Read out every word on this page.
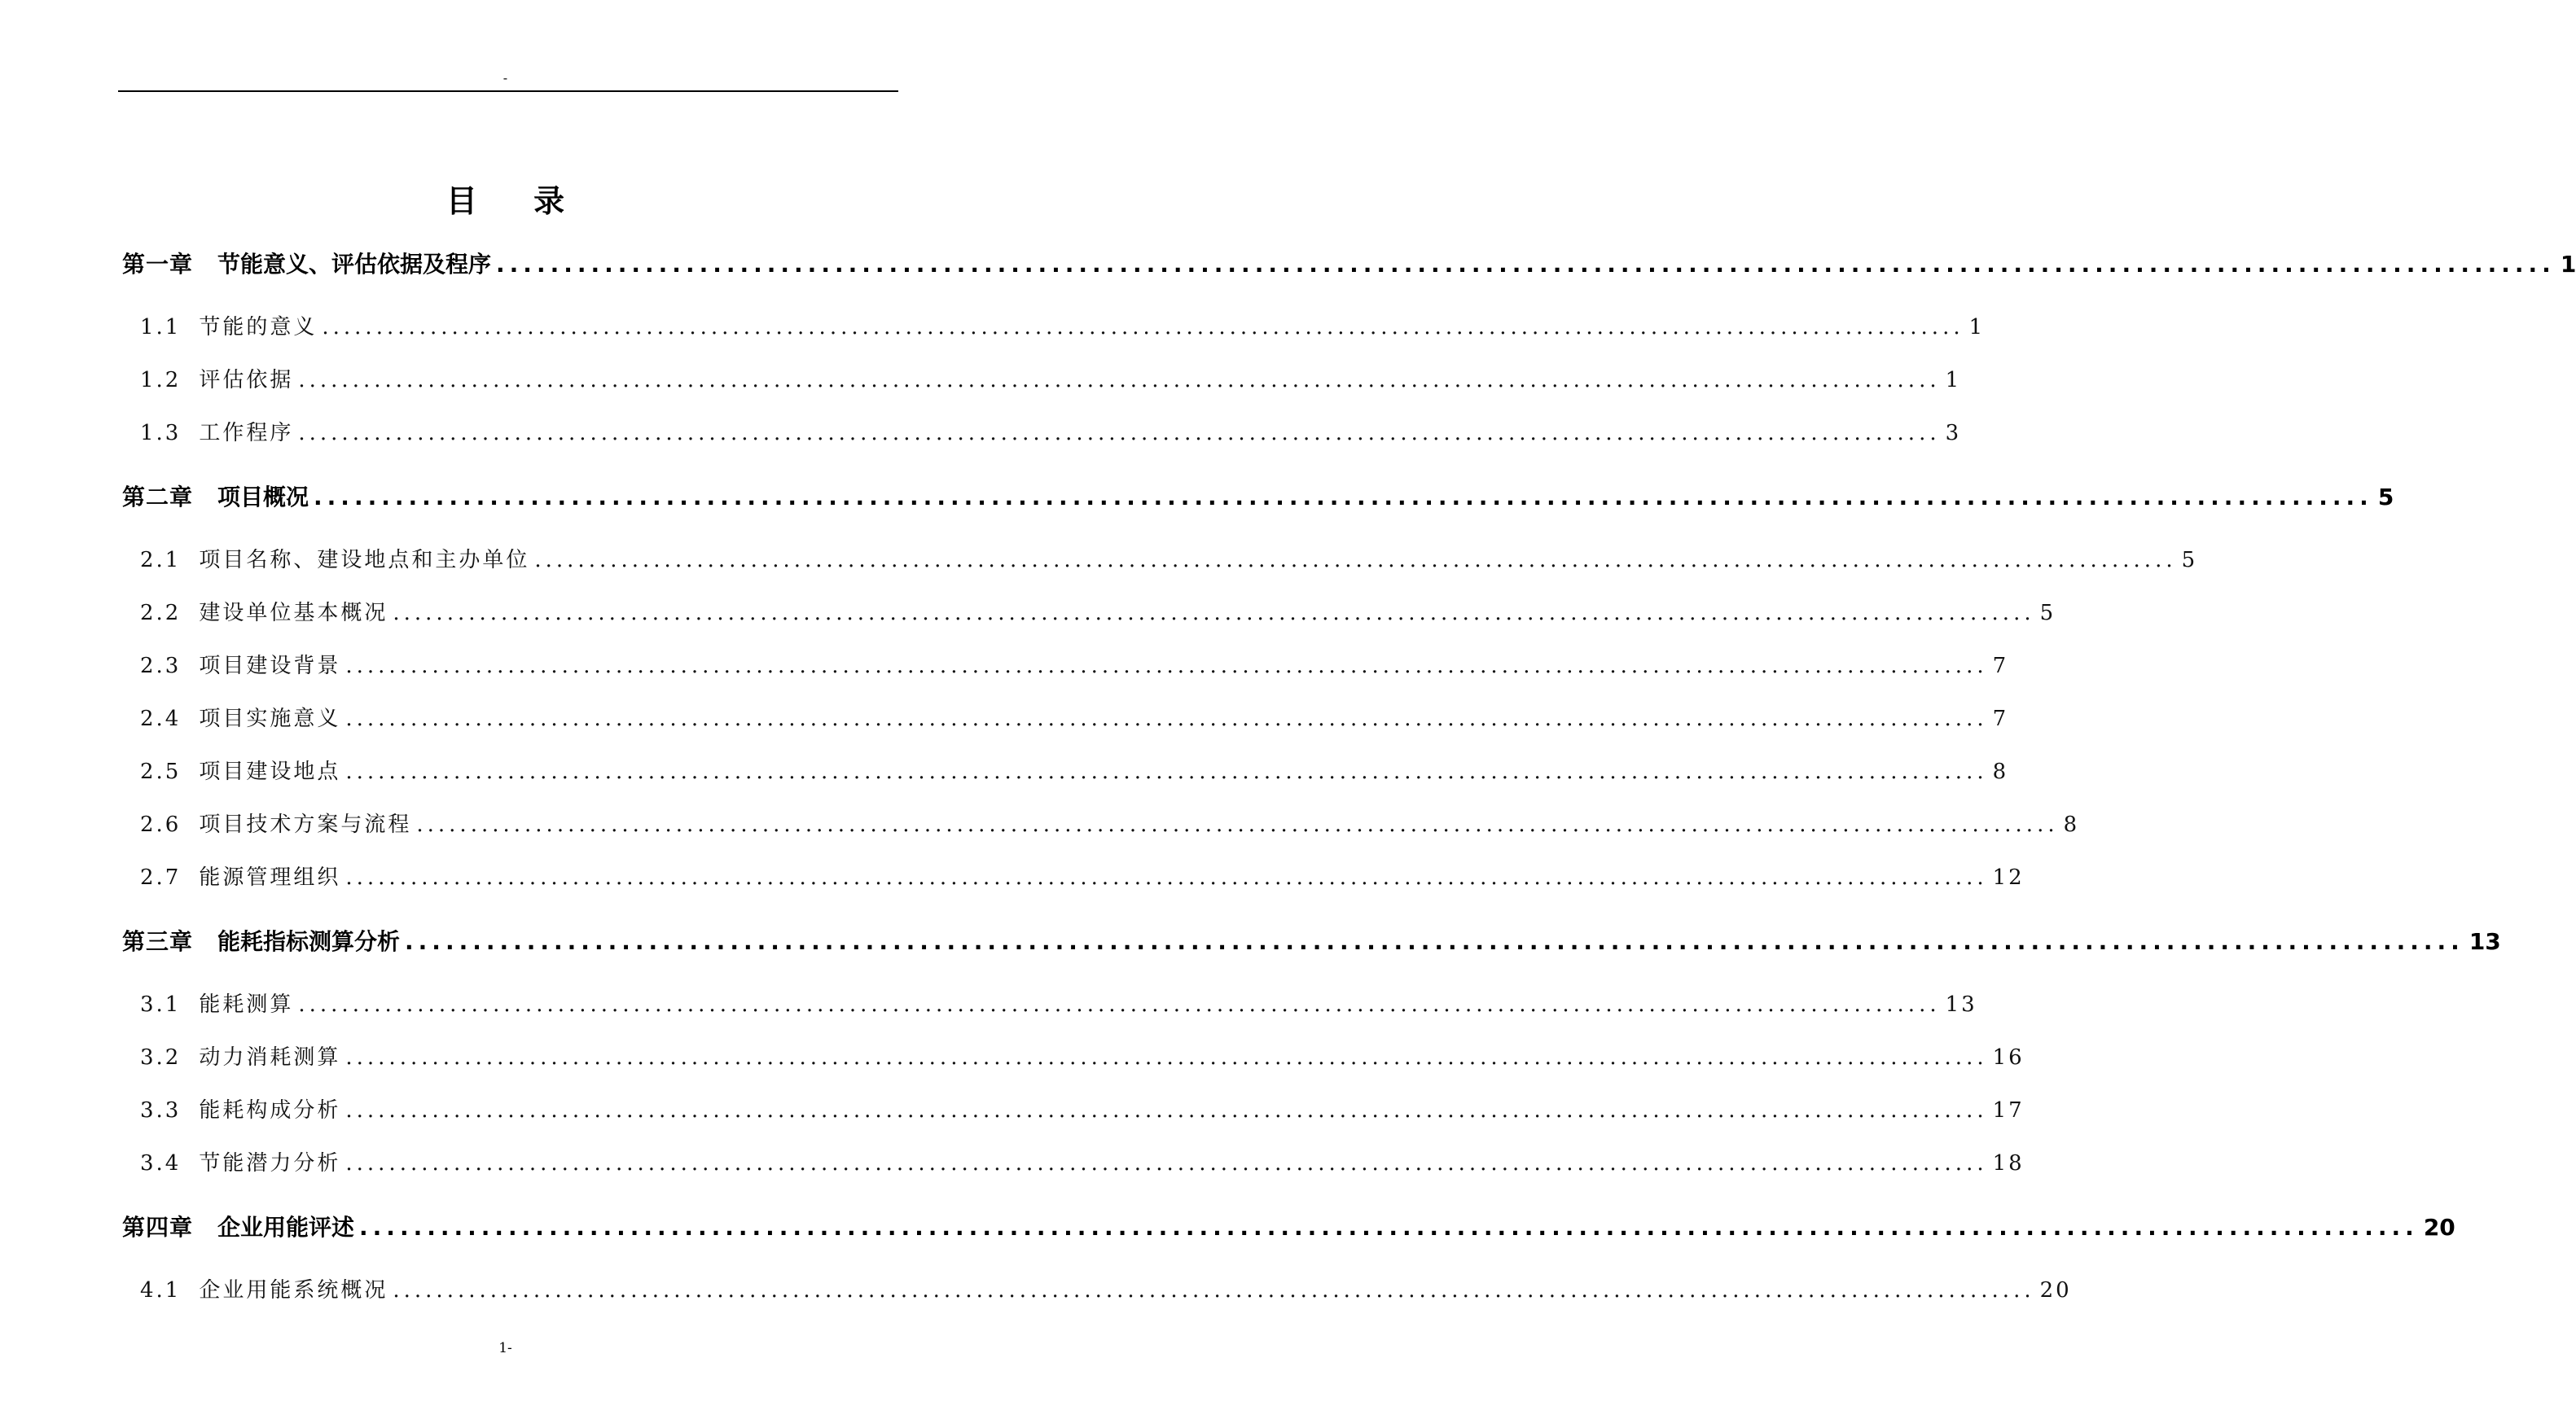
-
目 录
第一章 节能意义、评估依据及程序 ........................................................................................................................................................ 1
1.1 节能的意义 ........................................................................................................................................................ 1
1.2 评估依据 ........................................................................................................................................................ 1
1.3 工作程序 ........................................................................................................................................................ 3
第二章 项目概况 ........................................................................................................................................................ 5
2.1 项目名称、建设地点和主办单位 ........................................................................................................................................................ 5
2.2 建设单位基本概况 ........................................................................................................................................................ 5
2.3 项目建设背景 ........................................................................................................................................................ 7
2.4 项目实施意义 ........................................................................................................................................................ 7
2.5 项目建设地点 ........................................................................................................................................................ 8
2.6 项目技术方案与流程 ........................................................................................................................................................ 8
2.7 能源管理组织 ........................................................................................................................................................ 12
第三章 能耗指标测算分析 ........................................................................................................................................................ 13
3.1 能耗测算 ........................................................................................................................................................ 13
3.2 动力消耗测算 ........................................................................................................................................................ 16
3.3 能耗构成分析 ........................................................................................................................................................ 17
3.4 节能潜力分析 ........................................................................................................................................................ 18
第四章 企业用能评述 ........................................................................................................................................................ 20
4.1 企业用能系统概况 ........................................................................................................................................................ 20
1-
